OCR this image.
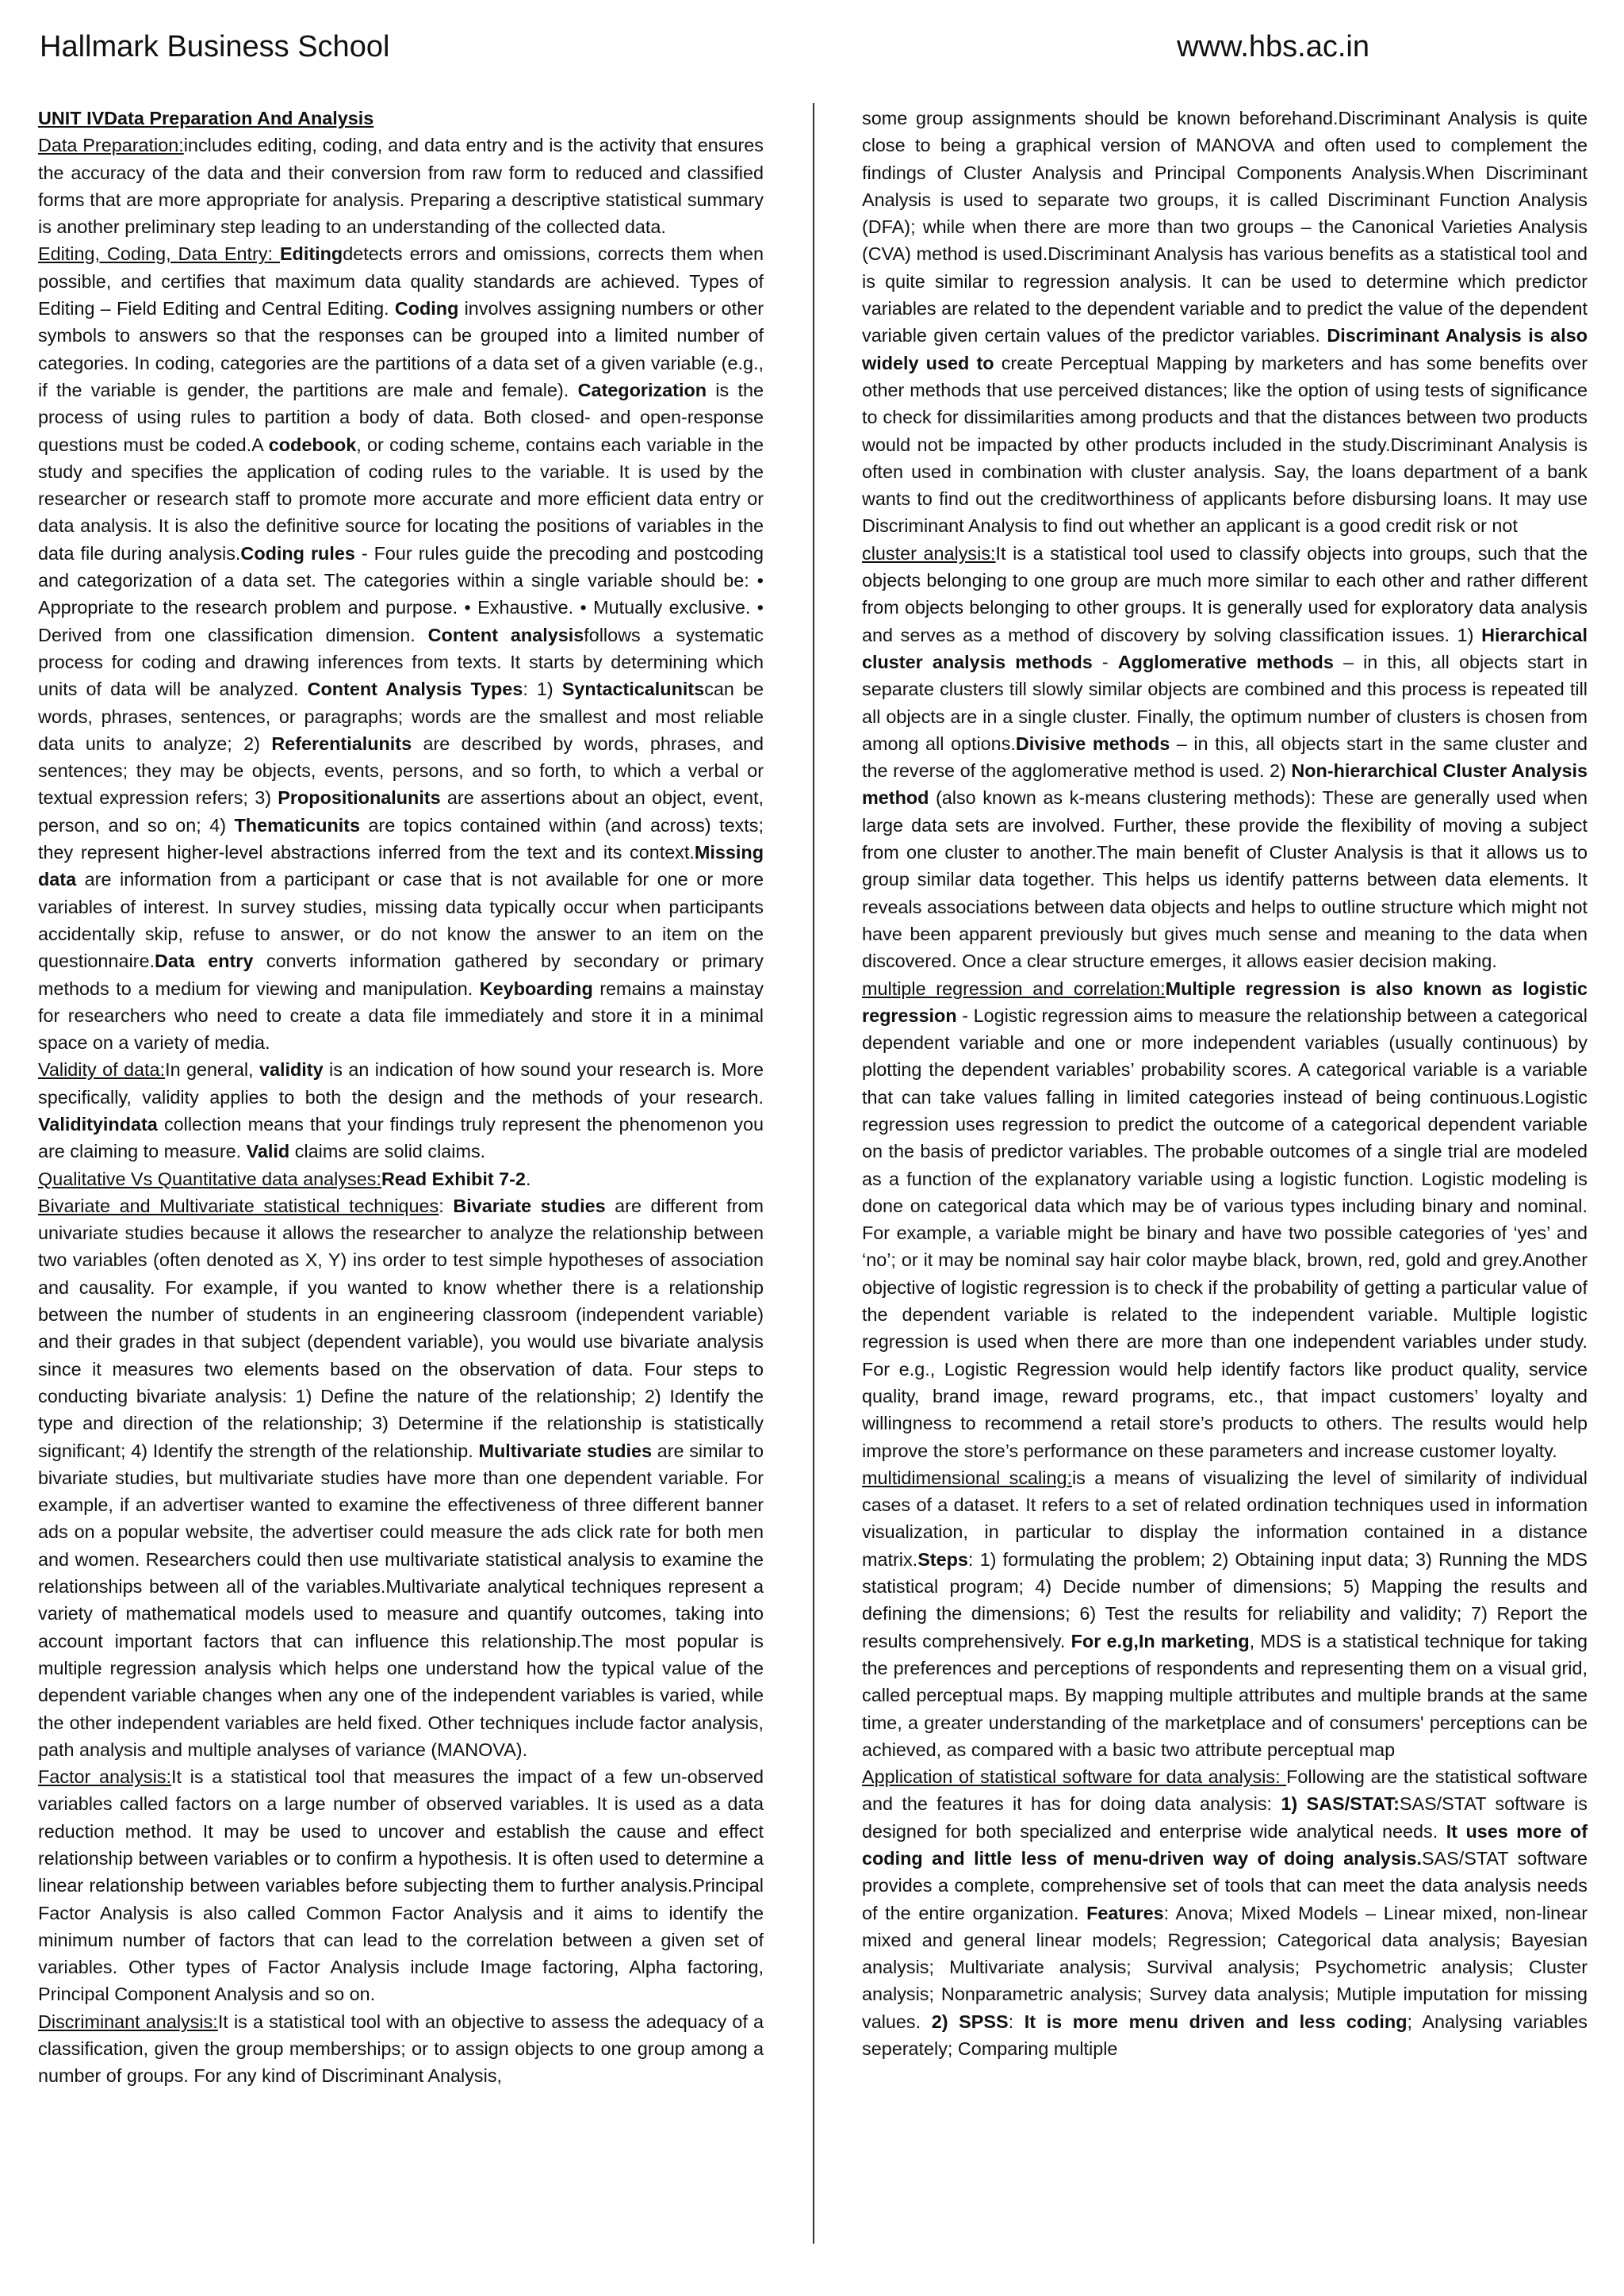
Hallmark Business School	www.hbs.ac.in

UNIT IVData Preparation And Analysis

Data Preparation:includes editing, coding, and data entry and is the activity that ensures the accuracy of the data and their conversion from raw form to reduced and classified forms that are more appropriate for analysis. Preparing a descriptive statistical summary is another preliminary step leading to an understanding of the collected data.

Editing, Coding, Data Entry: Editingdetects errors and omissions, corrects them when possible, and certifies that maximum data quality standards are achieved. Types of Editing – Field Editing and Central Editing. Coding involves assigning numbers or other symbols to answers so that the responses can be grouped into a limited number of categories. In coding, categories are the partitions of a data set of a given variable (e.g., if the variable is gender, the partitions are male and female). Categorization is the process of using rules to partition a body of data. Both closed- and open-response questions must be coded.A codebook, or coding scheme, contains each variable in the study and specifies the application of coding rules to the variable. It is used by the researcher or research staff to promote more accurate and more efficient data entry or data analysis. It is also the definitive source for locating the positions of variables in the data file during analysis.Coding rules - Four rules guide the precoding and postcoding and categorization of a data set. The categories within a single variable should be: • Appropriate to the research problem and purpose. • Exhaustive. • Mutually exclusive. • Derived from one classification dimension. Content analysisfollows a systematic process for coding and drawing inferences from texts. It starts by determining which units of data will be analyzed. Content Analysis Types: 1) Syntacticalunitscan be words, phrases, sentences, or paragraphs; words are the smallest and most reliable data units to analyze; 2) Referentialunits are described by words, phrases, and sentences; they may be objects, events, persons, and so forth, to which a verbal or textual expression refers; 3) Propositionalunits are assertions about an object, event, person, and so on; 4) Thematicunits are topics contained within (and across) texts; they represent higher-level abstractions inferred from the text and its context.Missing data are information from a participant or case that is not available for one or more variables of interest. In survey studies, missing data typically occur when participants accidentally skip, refuse to answer, or do not know the answer to an item on the questionnaire.Data entry converts information gathered by secondary or primary methods to a medium for viewing and manipulation. Keyboarding remains a mainstay for researchers who need to create a data file immediately and store it in a minimal space on a variety of media.

Validity of data:In general, validity is an indication of how sound your research is. More specifically, validity applies to both the design and the methods of your research. Validityindata collection means that your findings truly represent the phenomenon you are claiming to measure. Valid claims are solid claims.

Qualitative Vs Quantitative data analyses:Read Exhibit 7-2.

Bivariate and Multivariate statistical techniques: Bivariate studies are different from univariate studies because it allows the researcher to analyze the relationship between two variables (often denoted as X, Y) ins order to test simple hypotheses of association and causality. For example, if you wanted to know whether there is a relationship between the number of students in an engineering classroom (independent variable) and their grades in that subject (dependent variable), you would use bivariate analysis since it measures two elements based on the observation of data. Four steps to conducting bivariate analysis: 1) Define the nature of the relationship; 2) Identify the type and direction of the relationship; 3) Determine if the relationship is statistically significant; 4) Identify the strength of the relationship. Multivariate studies are similar to bivariate studies, but multivariate studies have more than one dependent variable. For example, if an advertiser wanted to examine the effectiveness of three different banner ads on a popular website, the advertiser could measure the ads click rate for both men and women. Researchers could then use multivariate statistical analysis to examine the relationships between all of the variables.Multivariate analytical techniques represent a variety of mathematical models used to measure and quantify outcomes, taking into account important factors that can influence this relationship.The most popular is multiple regression analysis which helps one understand how the typical value of the dependent variable changes when any one of the independent variables is varied, while the other independent variables are held fixed. Other techniques include factor analysis, path analysis and multiple analyses of variance (MANOVA).

Factor analysis:It is a statistical tool that measures the impact of a few un-observed variables called factors on a large number of observed variables. It is used as a data reduction method. It may be used to uncover and establish the cause and effect relationship between variables or to confirm a hypothesis. It is often used to determine a linear relationship between variables before subjecting them to further analysis.Principal Factor Analysis is also called Common Factor Analysis and it aims to identify the minimum number of factors that can lead to the correlation between a given set of variables. Other types of Factor Analysis include Image factoring, Alpha factoring, Principal Component Analysis and so on.

Discriminant analysis:It is a statistical tool with an objective to assess the adequacy of a classification, given the group memberships; or to assign objects to one group among a number of groups. For any kind of Discriminant Analysis,

some group assignments should be known beforehand.Discriminant Analysis is quite close to being a graphical version of MANOVA and often used to complement the findings of Cluster Analysis and Principal Components Analysis.When Discriminant Analysis is used to separate two groups, it is called Discriminant Function Analysis (DFA); while when there are more than two groups – the Canonical Varieties Analysis (CVA) method is used.Discriminant Analysis has various benefits as a statistical tool and is quite similar to regression analysis. It can be used to determine which predictor variables are related to the dependent variable and to predict the value of the dependent variable given certain values of the predictor variables. Discriminant Analysis is also widely used to create Perceptual Mapping by marketers and has some benefits over other methods that use perceived distances; like the option of using tests of significance to check for dissimilarities among products and that the distances between two products would not be impacted by other products included in the study.Discriminant Analysis is often used in combination with cluster analysis. Say, the loans department of a bank wants to find out the creditworthiness of applicants before disbursing loans. It may use Discriminant Analysis to find out whether an applicant is a good credit risk or not

cluster analysis:It is a statistical tool used to classify objects into groups, such that the objects belonging to one group are much more similar to each other and rather different from objects belonging to other groups. It is generally used for exploratory data analysis and serves as a method of discovery by solving classification issues. 1) Hierarchical cluster analysis methods - Agglomerative methods – in this, all objects start in separate clusters till slowly similar objects are combined and this process is repeated till all objects are in a single cluster. Finally, the optimum number of clusters is chosen from among all options.Divisive methods – in this, all objects start in the same cluster and the reverse of the agglomerative method is used. 2) Non-hierarchical Cluster Analysis method (also known as k-means clustering methods): These are generally used when large data sets are involved. Further, these provide the flexibility of moving a subject from one cluster to another.The main benefit of Cluster Analysis is that it allows us to group similar data together. This helps us identify patterns between data elements. It reveals associations between data objects and helps to outline structure which might not have been apparent previously but gives much sense and meaning to the data when discovered. Once a clear structure emerges, it allows easier decision making.

multiple regression and correlation:Multiple regression is also known as logistic regression - Logistic regression aims to measure the relationship between a categorical dependent variable and one or more independent variables (usually continuous) by plotting the dependent variables’ probability scores. A categorical variable is a variable that can take values falling in limited categories instead of being continuous.Logistic regression uses regression to predict the outcome of a categorical dependent variable on the basis of predictor variables. The probable outcomes of a single trial are modeled as a function of the explanatory variable using a logistic function. Logistic modeling is done on categorical data which may be of various types including binary and nominal. For example, a variable might be binary and have two possible categories of ‘yes’ and ‘no’; or it may be nominal say hair color maybe black, brown, red, gold and grey.Another objective of logistic regression is to check if the probability of getting a particular value of the dependent variable is related to the independent variable. Multiple logistic regression is used when there are more than one independent variables under study. For e.g., Logistic Regression would help identify factors like product quality, service quality, brand image, reward programs, etc., that impact customers’ loyalty and willingness to recommend a retail store’s products to others. The results would help improve the store’s performance on these parameters and increase customer loyalty.

multidimensional scaling:is a means of visualizing the level of similarity of individual cases of a dataset. It refers to a set of related ordination techniques used in information visualization, in particular to display the information contained in a distance matrix.Steps: 1) formulating the problem; 2) Obtaining input data; 3) Running the MDS statistical program; 4) Decide number of dimensions; 5) Mapping the results and defining the dimensions; 6) Test the results for reliability and validity; 7) Report the results comprehensively. For e.g,In marketing, MDS is a statistical technique for taking the preferences and perceptions of respondents and representing them on a visual grid, called perceptual maps. By mapping multiple attributes and multiple brands at the same time, a greater understanding of the marketplace and of consumers' perceptions can be achieved, as compared with a basic two attribute perceptual map

Application of statistical software for data analysis: Following are the statistical software and the features it has for doing data analysis: 1) SAS/STAT:SAS/STAT software is designed for both specialized and enterprise wide analytical needs. It uses more of coding and little less of menu-driven way of doing analysis.SAS/STAT software provides a complete, comprehensive set of tools that can meet the data analysis needs of the entire organization. Features: Anova; Mixed Models – Linear mixed, non-linear mixed and general linear models; Regression; Categorical data analysis; Bayesian analysis; Multivariate analysis; Survival analysis; Psychometric analysis; Cluster analysis; Nonparametric analysis; Survey data analysis; Mutiple imputation for missing values. 2) SPSS: It is more menu driven and less coding; Analysing variables seperately; Comparing multiple
